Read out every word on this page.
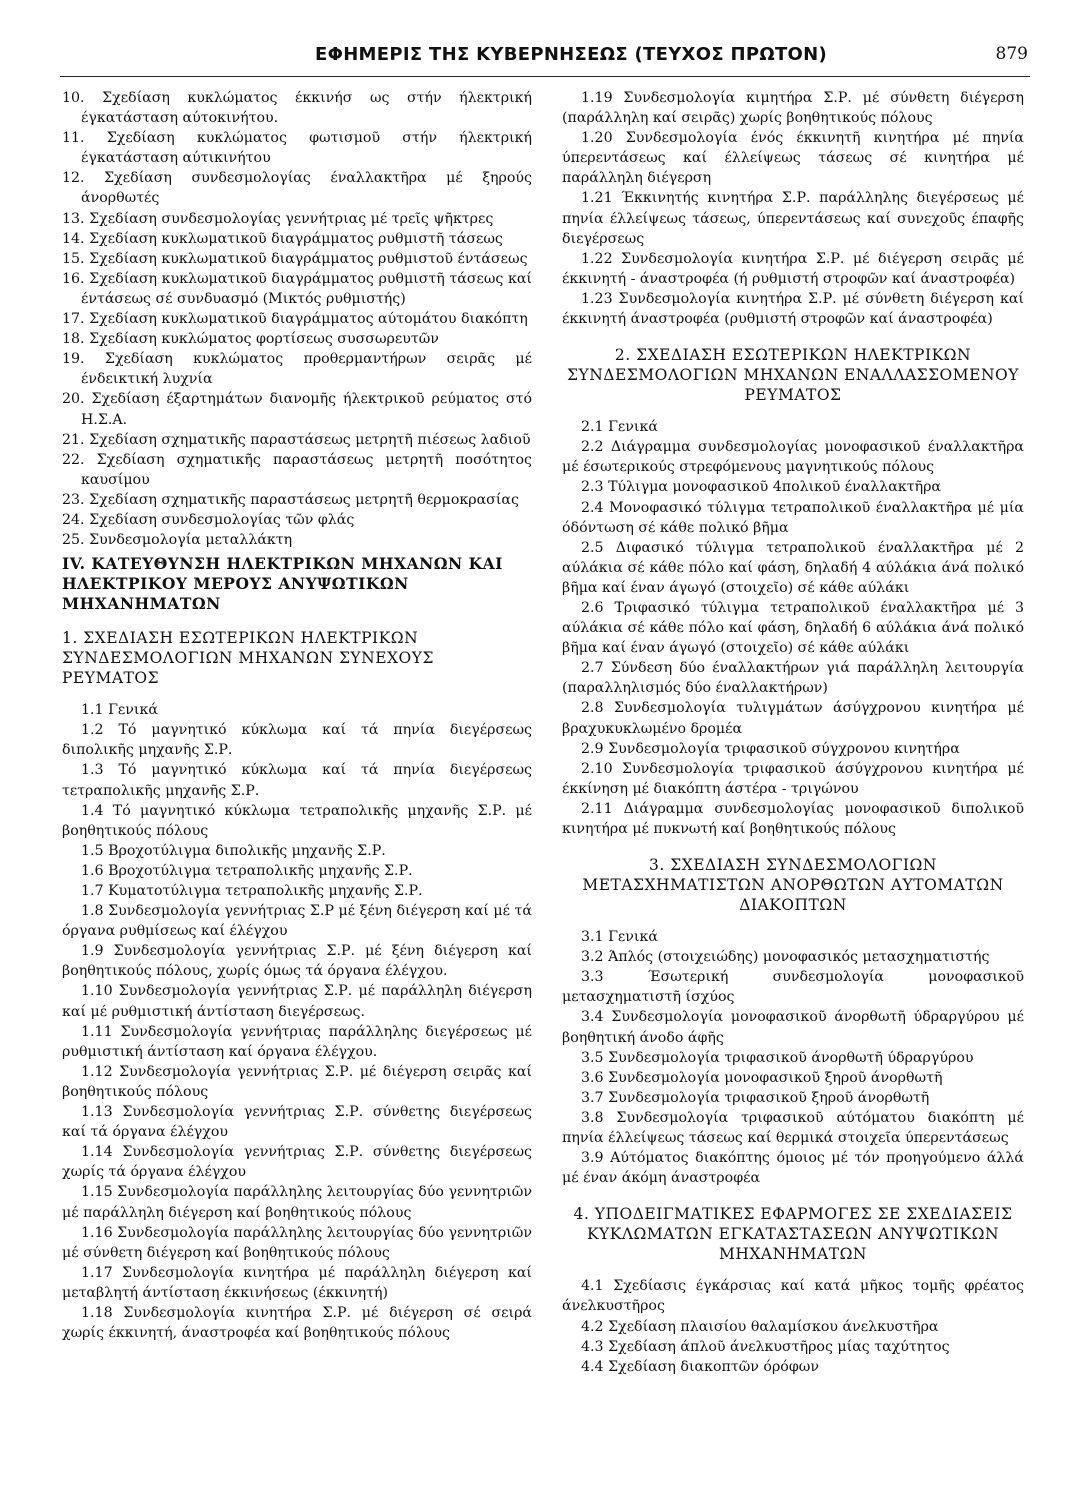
ΕΦΗΜΕΡΙΣ ΤΗΣ ΚΥΒΕΡΝΗΣΕΩΣ (ΤΕΥΧΟΣ ΠΡΩΤΟΝ)	879
10. Σχεδίαση κυκλώματος έκκινήσ ως στήν ήλεκτρική έγκατάσταση αύτοκινήτου.
11. Σχεδίαση κυκλώματος φωτισμοῦ στήν ήλεκτρική έγκατάσταση αύτικινήτου
12. Σχεδίαση συνδεσμολογίας έναλλακτῆρα μέ ξηρούς άνορθωτές
13. Σχεδίαση συνδεσμολογίας γεννήτριας μέ τρεῖς ψῆκτρες
14. Σχεδίαση κυκλωματικοῦ διαγράμματος ρυθμιστῆ τάσεως
15. Σχεδίαση κυκλωματικοῦ διαγράμματος ρυθμιστοῦ έντάσεως
16. Σχεδίαση κυκλωματικοῦ διαγράμματος ρυθμιστῆ τάσεως καί έντάσεως σέ συνδυασμό (Μικτός ρυθμιστής)
17. Σχεδίαση κυκλωματικοῦ διαγράμματος αύτομάτου διακόπτη
18. Σχεδίαση κυκλώματος φορτίσεως συσσωρευτῶν
19. Σχεδίαση κυκλώματος προθερμαντήρων σειρᾶς μέ ένδεικτική λυχνία
20. Σχεδίαση έξαρτημάτων διανομῆς ήλεκτρικοῦ ρεύματος στό Η.Σ.Α.
21. Σχεδίαση σχηματικῆς παραστάσεως μετρητῆ πιέσεως λαδιοῦ
22. Σχεδίαση σχηματικῆς παραστάσεως μετρητῆ ποσότητος καυσίμου
23. Σχεδίαση σχηματικῆς παραστάσεως μετρητῆ θερμοκρασίας
24. Σχεδίαση συνδεσμολογίας τῶν φλάς
25. Συνδεσμολογία μεταλλάκτη
IV. ΚΑΤΕΥΘΥΝΣΗ ΗΛΕΚΤΡΙΚΩΝ ΜΗΧΑΝΩΝ ΚΑΙ ΗΛΕΚΤΡΙΚΟΥ ΜΕΡΟΥΣ ΑΝΥΨΩΤΙΚΩΝ ΜΗΧΑΝΗΜΑΤΩΝ
1. ΣΧΕΔΙΑΣΗ ΕΣΩΤΕΡΙΚΩΝ ΗΛΕΚΤΡΙΚΩΝ ΣΥΝΔΕΣΜΟΛΟΓΙΩΝ ΜΗΧΑΝΩΝ ΣΥΝΕΧΟΥΣ ΡΕΥΜΑΤΟΣ
1.1 Γενικά
1.2 Τό μαγνητικό κύκλωμα καί τά πηνία διεγέρσεως διπολικῆς μηχανῆς Σ.Ρ.
1.3 Τό μαγνητικό κύκλωμα καί τά πηνία διεγέρσεως τετραπολικῆς μηχανῆς Σ.Ρ.
1.4 Τό μαγνητικό κύκλωμα τετραπολικῆς μηχανῆς Σ.Ρ. μέ βοηθητικούς πόλους
1.5 Βροχοτύλιγμα διπολικῆς μηχανῆς Σ.Ρ.
1.6 Βροχοτύλιγμα τετραπολικῆς μηχανῆς Σ.Ρ.
1.7 Κυματοτύλιγμα τετραπολικῆς μηχανῆς Σ.Ρ.
1.8 Συνδεσμολογία γεννήτριας Σ.Ρ μέ ξένη διέγερση καί μέ τά όργανα ρυθμίσεως καί έλέγχου
1.9 Συνδεσμολογία γεννήτριας Σ.Ρ. μέ ξένη διέγερση καί βοηθητικούς πόλους, χωρίς όμως τά όργανα έλέγχου.
1.10 Συνδεσμολογία γεννήτριας Σ.Ρ. μέ παράλληλη διέγερση καί μέ ρυθμιστική άντίσταση διεγέρσεως.
1.11 Συνδεσμολογία γεννήτριας παράλληλης διεγέρσεως μέ ρυθμιστική άντίσταση καί όργανα έλέγχου.
1.12 Συνδεσμολογία γεννήτριας Σ.Ρ. μέ διέγερση σειρᾶς καί βοηθητικούς πόλους
1.13 Συνδεσμολογία γεννήτριας Σ.Ρ. σύνθετης διεγέρσεως καί τά όργανα έλέγχου
1.14 Συνδεσμολογία γεννήτριας Σ.Ρ. σύνθετης διεγέρσεως χωρίς τά όργανα έλέγχου
1.15 Συνδεσμολογία παράλληλης λειτουργίας δύο γεννητριῶν μέ παράλληλη διέγερση καί βοηθητικούς πόλους
1.16 Συνδεσμολογία παράλληλης λειτουργίας δύο γεννητριῶν μέ σύνθετη διέγερση καί βοηθητικούς πόλους
1.17 Συνδεσμολογία κινητήρα μέ παράλληλη διέγερση καί μεταβλητή άντίσταση έκκινήσεως (έκκινητή)
1.18 Συνδεσμολογία κινητήρα Σ.Ρ. μέ διέγερση σέ σειρά χωρίς έκκινητή, άναστροφέα καί βοηθητικούς πόλους
1.19 Συνδεσμολογία κιμητήρα Σ.Ρ. μέ σύνθετη διέγερση (παράλληλη καί σειρᾶς) χωρίς βοηθητικούς πόλους
1.20 Συνδεσμολογία ένός έκκινητῆ κινητήρα μέ πηνία ύπερεντάσεως καί έλλείψεως τάσεως σέ κινητήρα μέ παράλληλη διέγερση
1.21 Έκκινητής κινητήρα Σ.Ρ. παράλληλης διεγέρσεως μέ πηνία έλλείψεως τάσεως, ύπερεντάσεως καί συνεχοῦς έπαφῆς διεγέρσεως
1.22 Συνδεσμολογία κινητήρα Σ.Ρ. μέ διέγερση σειρᾶς μέ έκκινητή - άναστροφέα (ή ρυθμιστή στροφῶν καί άναστροφέα)
1.23 Συνδεσμολογία κινητήρα Σ.Ρ. μέ σύνθετη διέγερση καί έκκινητή άναστροφέα (ρυθμιστή στροφῶν καί άναστροφέα)
2. ΣΧΕΔΙΑΣΗ ΕΣΩΤΕΡΙΚΩΝ ΗΛΕΚΤΡΙΚΩΝ ΣΥΝΔΕΣΜΟΛΟΓΙΩΝ ΜΗΧΑΝΩΝ ΕΝΑΛΛΑΣΣΟΜΕΝΟΥ ΡΕΥΜΑΤΟΣ
2.1 Γενικά
2.2 Διάγραμμα συνδεσμολογίας μονοφασικοῦ έναλλακτῆρα μέ έσωτερικούς στρεφόμενους μαγνητικούς πόλους
2.3 Τύλιγμα μονοφασικοῦ 4πολικοῦ έναλλακτῆρα
2.4 Μονοφασικό τύλιγμα τετραπολικοῦ έναλλακτῆρα μέ μία όδόντωση σέ κάθε πολικό βῆμα
2.5 Διφασικό τύλιγμα τετραπολικοῦ έναλλακτῆρα μέ 2 αύλάκια σέ κάθε πόλο καί φάση, δηλαδή 4 αύλάκια άνά πολικό βῆμα καί έναν άγωγό (στοιχεῖο) σέ κάθε αύλάκι
2.6 Τριφασικό τύλιγμα τετραπολικοῦ έναλλακτῆρα μέ 3 αύλάκια σέ κάθε πόλο καί φάση, δηλαδή 6 αύλάκια άνά πολικό βῆμα καί έναν άγωγό (στοιχεῖο) σέ κάθε αύλάκι
2.7 Σύνδεση δύο έναλλακτήρων γιά παράλληλη λειτουργία (παραλληλισμός δύο έναλλακτήρων)
2.8 Συνδεσμολογία τυλιγμάτων άσύγχρονου κινητήρα μέ βραχυκυκλωμένο δρομέα
2.9 Συνδεσμολογία τριφασικοῦ σύγχρονου κινητήρα
2.10 Συνδεσμολογία τριφασικοῦ άσύγχρονου κινητήρα μέ έκκίνηση μέ διακόπτη άστέρα - τριγώνου
2.11 Διάγραμμα συνδεσμολογίας μονοφασικοῦ διπολικοῦ κινητήρα μέ πυκνωτή καί βοηθητικούς πόλους
3. ΣΧΕΔΙΑΣΗ ΣΥΝΔΕΣΜΟΛΟΓΙΩΝ ΜΕΤΑΣΧΗΜΑΤΙΣΤΩΝ ΑΝΟΡΘΩΤΩΝ ΑΥΤΟΜΑΤΩΝ ΔΙΑΚΟΠΤΩΝ
3.1 Γενικά
3.2 Άπλός (στοιχειώδης) μονοφασικός μετασχηματιστής
3.3 Έσωτερική συνδεσμολογία μονοφασικοῦ μετασχηματιστῆ ίσχύος
3.4 Συνδεσμολογία μονοφασικοῦ άνορθωτῆ ύδραργύρου μέ βοηθητική άνοδο άφῆς
3.5 Συνδεσμολογία τριφασικοῦ άνορθωτῆ ύδραργύρου
3.6 Συνδεσμολογία μονοφασικοῦ ξηροῦ άνορθωτῆ
3.7 Συνδεσμολογία τριφασικοῦ ξηροῦ άνορθωτῆ
3.8 Συνδεσμολογία τριφασικοῦ αύτόματου διακόπτη μέ πηνία έλλείψεως τάσεως καί θερμικά στοιχεῖα ύπερεντάσεως
3.9 Αύτόματος διακόπτης όμοιος μέ τόν προηγούμενο άλλά μέ έναν άκόμη άναστροφέα
4. ΥΠΟΔΕΙΓΜΑΤΙΚΕΣ ΕΦΑΡΜΟΓΕΣ ΣΕ ΣΧΕΔΙΑΣΕΙΣ ΚΥΚΛΩΜΑΤΩΝ ΕΓΚΑΤΑΣΤΑΣΕΩΝ ΑΝΥΨΩΤΙΚΩΝ ΜΗΧΑΝΗΜΑΤΩΝ
4.1 Σχεδίασις έγκάρσιας καί κατά μῆκος τομῆς φρέατος άνελκυστῆρος
4.2 Σχεδίαση πλαισίου θαλαμίσκου άνελκυστῆρα
4.3 Σχεδίαση άπλοῦ άνελκυστῆρος μίας ταχύτητος
4.4 Σχεδίαση διακοπτῶν όρόφων
